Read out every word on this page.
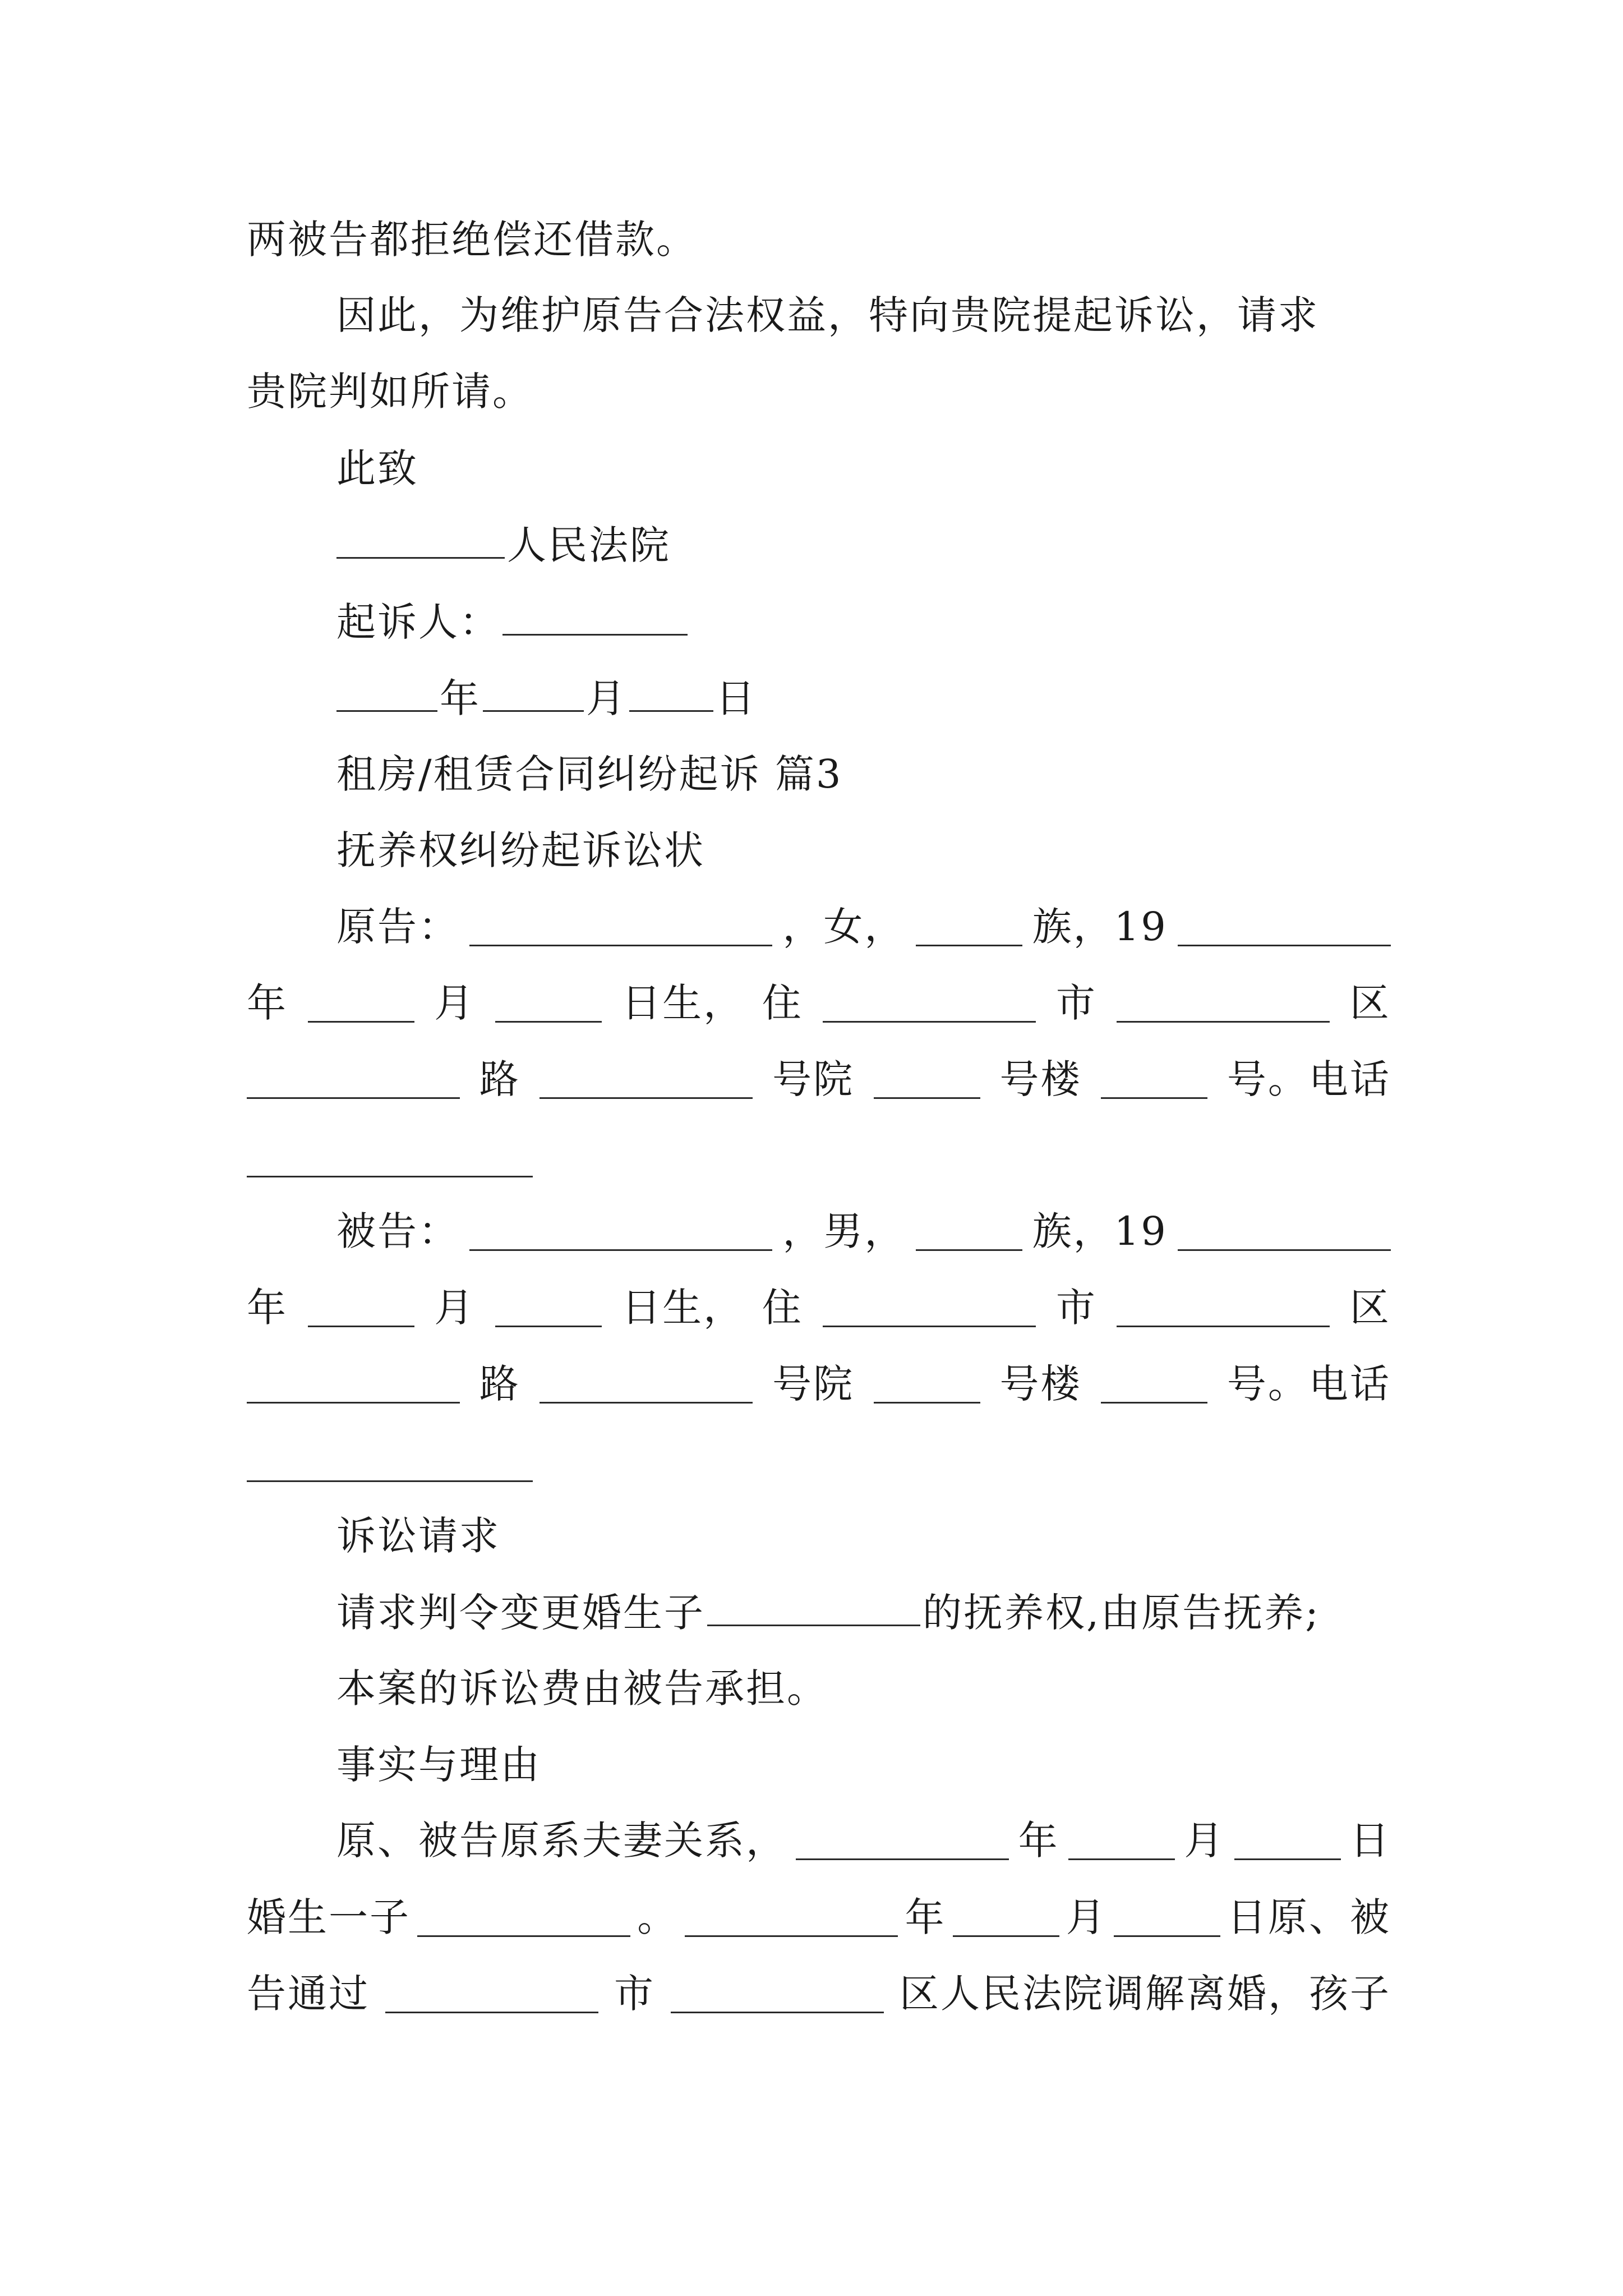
两被告都拒绝偿还借款。
因此，为维护原告合法权益，特向贵院提起诉讼，请求
贵院判如所请。
此致
人民法院
起诉人：
年	月 日
租房/租赁合同纠纷起诉 篇3
抚养权纠纷起诉讼状
原告：	，女，	族，19
年	月	日生， 住	市	区
路	号院	号楼	号。电话
被告：	，男，	族，19
年	月	日生， 住	市	区
路	号院	号楼	号。电话
诉讼请求
请求判令变更婚生子	的抚养权,由原告抚养;
本案的诉讼费由被告承担。
事实与理由
原、被告原系夫妻关系，	年	月	日
婚生一子	。	年	月	日原、被
告通过	市	区人民法院调解离婚，孩子
